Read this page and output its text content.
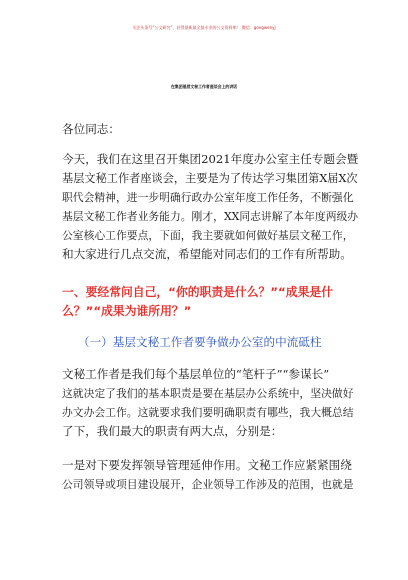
关注头条号“公文研究”，获得最新最全最专业的公文资料库！ 微信：gongwenyj
在集团基层文秘工作者座谈会上的讲话
各位同志：
今天，我们在这里召开集团2021年度办公室主任专题会暨
基层文秘工作者座谈会，主要是为了传达学习集团第X届X次
职代会精神，进一步明确行政办公室年度工作任务，不断强化
基层文秘工作者业务能力。刚才，XX同志讲解了本年度两级办
公室核心工作要点，下面，我主要就如何做好基层文秘工作，
和大家进行几点交流，希望能对同志们的工作有所帮助。
一、要经常问自己，“你的职责是什么？”“成果是什
么？”“成果为谁所用？”
（一）基层文秘工作者要争做办公室的中流砥柱
文秘工作者是我们每个基层单位的“笔杆子”“参谋长”
这就决定了我们的基本职责是要在基层办公系统中，坚决做好
办文办会工作。这就要求我们要明确职责有哪些，我大概总结
了下，我们最大的职责有两大点，分别是：
一是对下要发挥领导管理延伸作用。文秘工作应紧紧围绕
公司领导或项目建设展开，企业领导工作涉及的范围，也就是
